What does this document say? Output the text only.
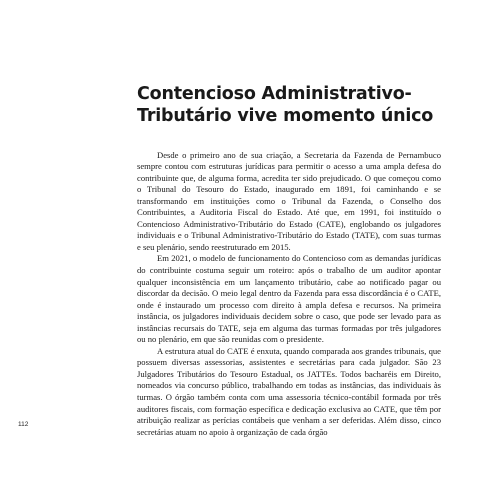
Contencioso Administrativo-Tributário vive momento único

Desde o primeiro ano de sua criação, a Secretaria da Fazenda de Pernambuco sempre contou com estruturas jurídicas para permitir o acesso a uma ampla defesa do contribuinte que, de alguma forma, acredita ter sido prejudicado. O que começou como o Tribunal do Tesouro do Estado, inaugurado em 1891, foi caminhando e se transformando em instituições como o Tribunal da Fazenda, o Conselho dos Contribuintes, a Auditoria Fiscal do Estado. Até que, em 1991, foi instituído o Contencioso Administrativo-Tributário do Estado (CATE), englobando os julgadores individuais e o Tribunal Administrativo-Tributário do Estado (TATE), com suas turmas e seu plenário, sendo reestruturado em 2015.

Em 2021, o modelo de funcionamento do Contencioso com as demandas jurídicas do contribuinte costuma seguir um roteiro: após o trabalho de um auditor apontar qualquer inconsistência em um lançamento tributário, cabe ao notificado pagar ou discordar da decisão. O meio legal dentro da Fazenda para essa discordância é o CATE, onde é instaurado um processo com direito à ampla defesa e recursos. Na primeira instância, os julgadores individuais decidem sobre o caso, que pode ser levado para as instâncias recursais do TATE, seja em alguma das turmas formadas por três julgadores ou no plenário, em que são reunidas com o presidente.

A estrutura atual do CATE é enxuta, quando comparada aos grandes tribunais, que possuem diversas assessorias, assistentes e secretárias para cada julgador. São 23 Julgadores Tributários do Tesouro Estadual, os JATTEs. Todos bacharéis em Direito, nomeados via concurso público, trabalhando em todas as instâncias, das individuais às turmas. O órgão também conta com uma assessoria técnico-contábil formada por três auditores fiscais, com formação específica e dedicação exclusiva ao CATE, que têm por atribuição realizar as perícias contábeis que venham a ser deferidas. Além disso, cinco secretárias atuam no apoio à organização de cada órgão

112
